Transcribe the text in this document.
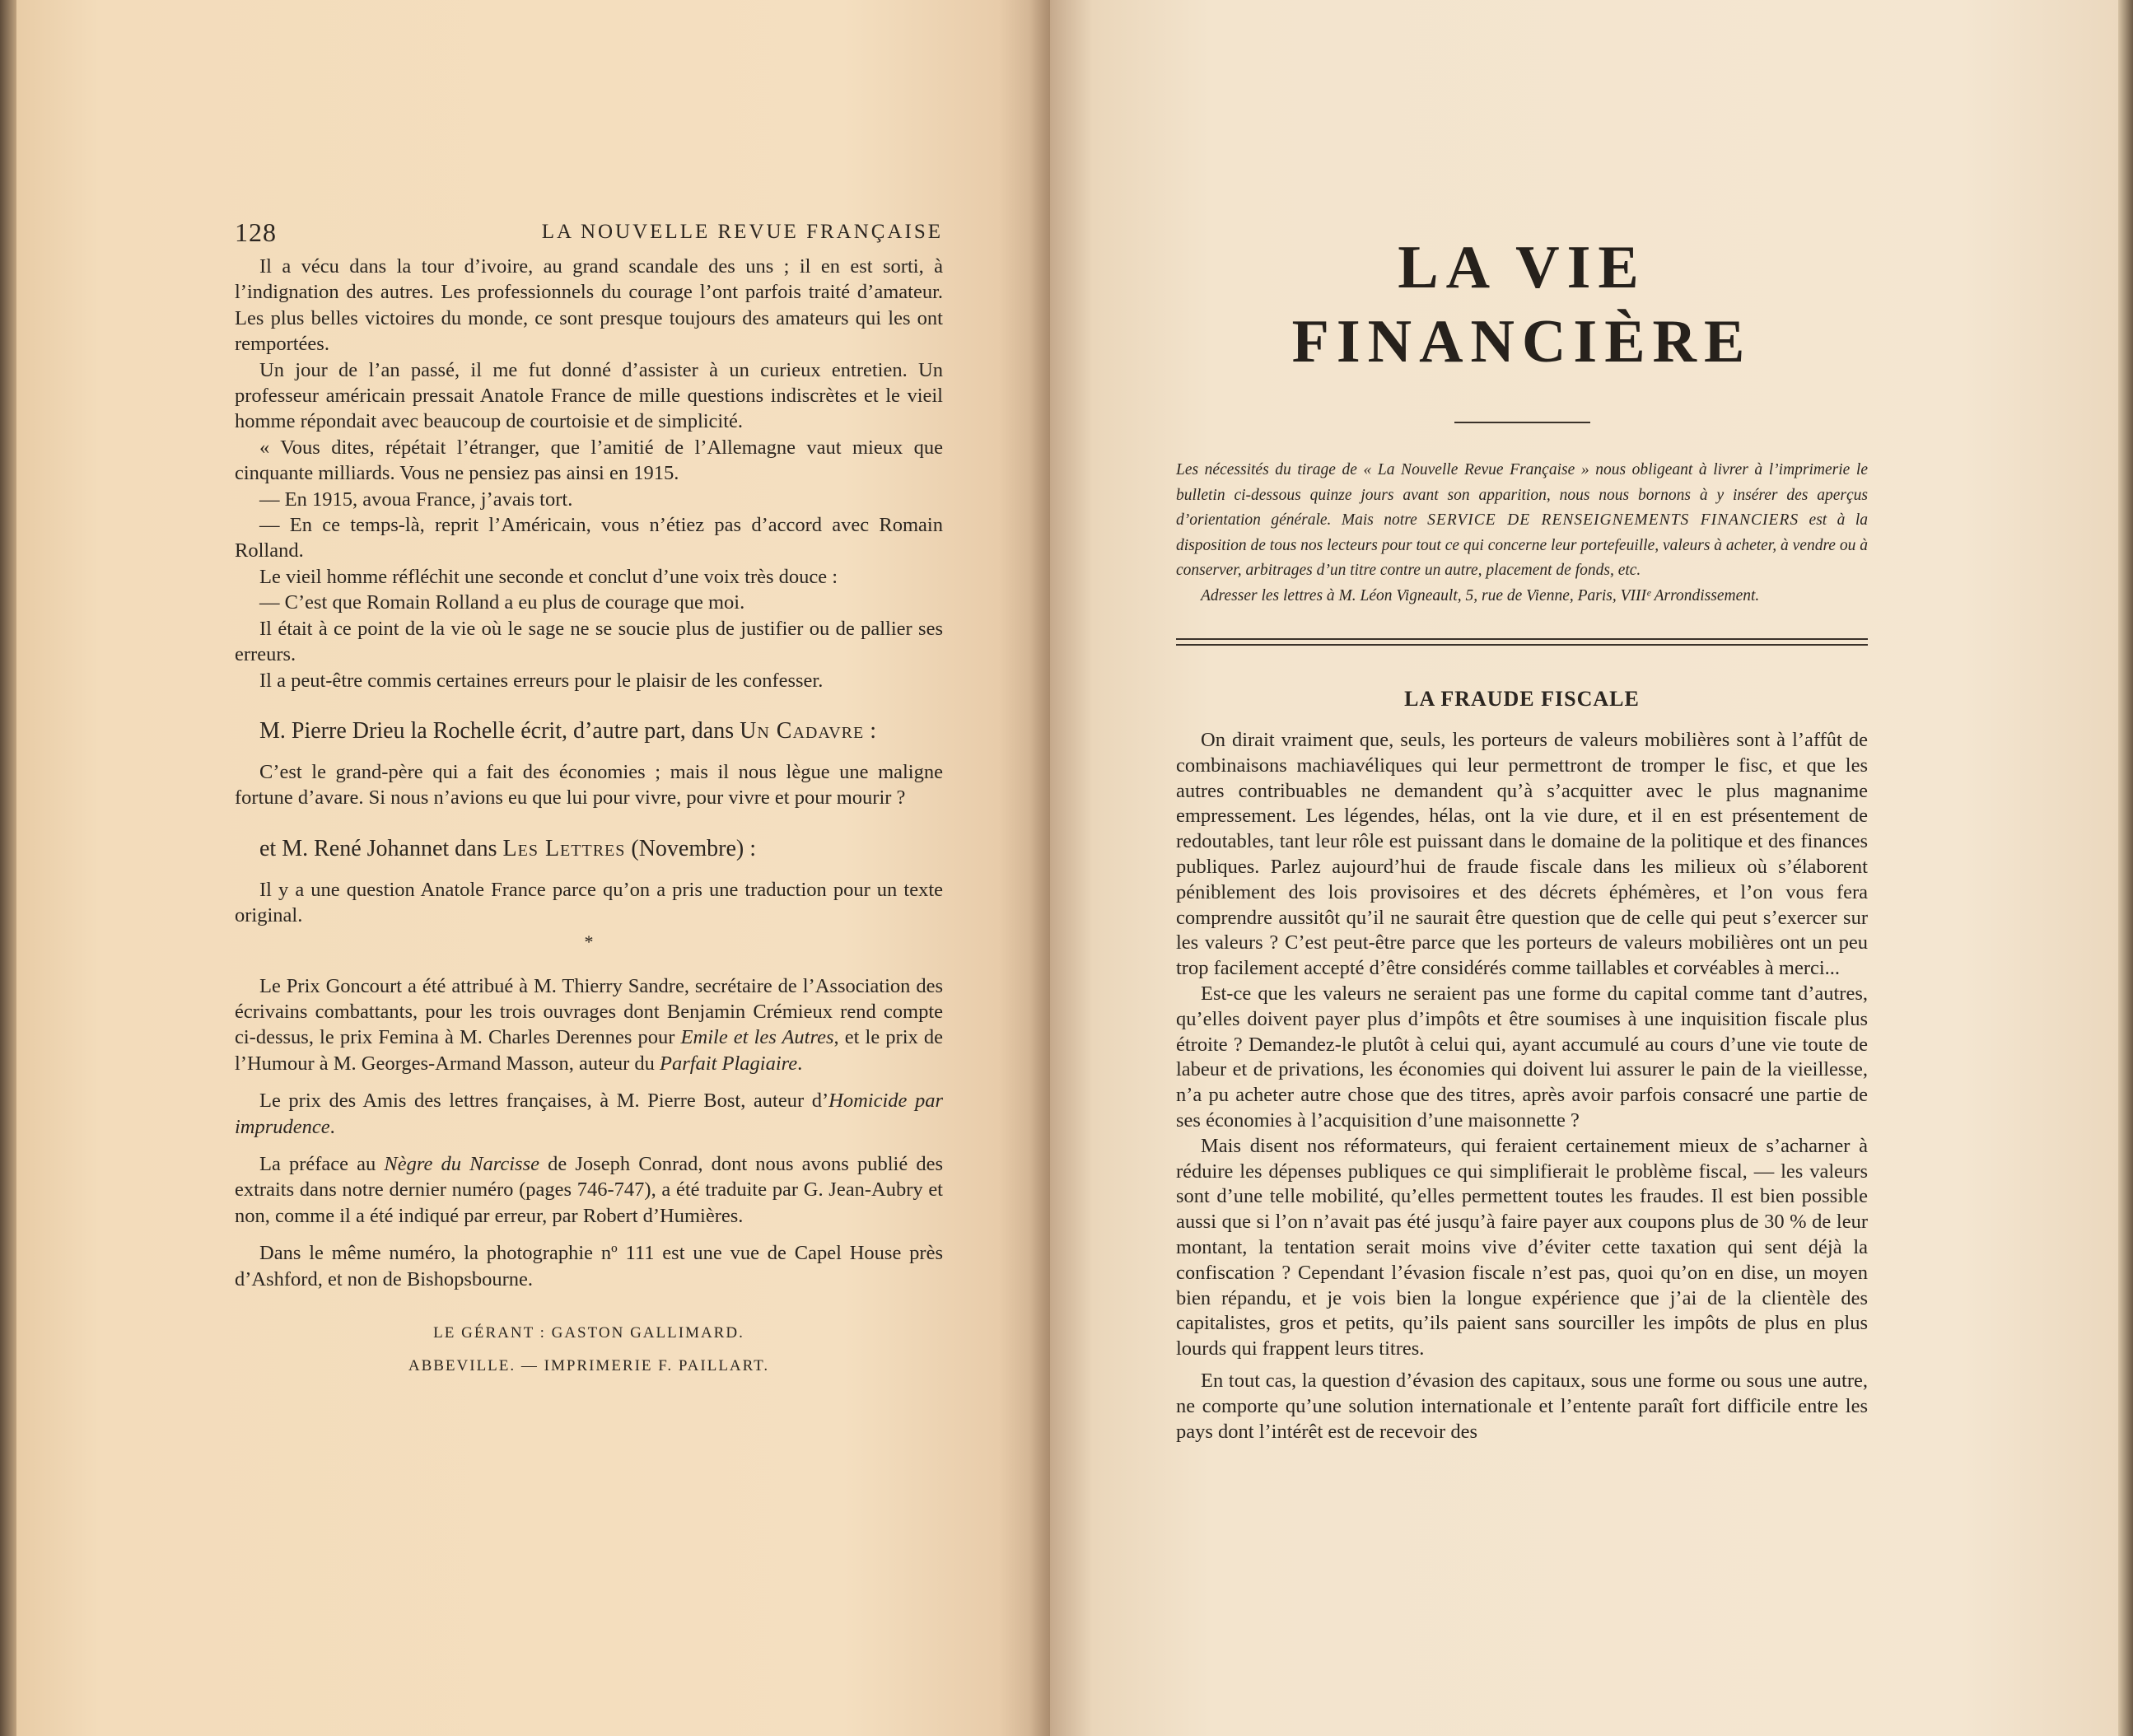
128	LA NOUVELLE REVUE FRANÇAISE

Il a vécu dans la tour d’ivoire, au grand scandale des uns ; il en est sorti, à l’indignation des autres. Les professionnels du courage l’ont parfois traité d’amateur. Les plus belles victoires du monde, ce sont presque toujours des amateurs qui les ont remportées.

Un jour de l’an passé, il me fut donné d’assister à un curieux entretien. Un professeur américain pressait Anatole France de mille questions indiscrètes et le vieil homme répondait avec beaucoup de courtoisie et de simplicité.

« Vous dites, répétait l’étranger, que l’amitié de l’Allemagne vaut mieux que cinquante milliards. Vous ne pensiez pas ainsi en 1915.

— En 1915, avoua France, j’avais tort.

— En ce temps-là, reprit l’Américain, vous n’étiez pas d’accord avec Romain Rolland.

Le vieil homme réfléchit une seconde et conclut d’une voix très douce :

— C’est que Romain Rolland a eu plus de courage que moi.

Il était à ce point de la vie où le sage ne se soucie plus de justifier ou de pallier ses erreurs.

Il a peut-être commis certaines erreurs pour le plaisir de les confesser.

M. Pierre Drieu la Rochelle écrit, d’autre part, dans Un Cadavre :

C’est le grand-père qui a fait des économies ; mais il nous lègue une maligne fortune d’avare. Si nous n’avions eu que lui pour vivre, pour vivre et pour mourir ?

et M. René Johannet dans Les Lettres (Novembre) :

Il y a une question Anatole France parce qu’on a pris une traduction pour un texte original.

*

Le Prix Goncourt a été attribué à M. Thierry Sandre, secrétaire de l’Association des écrivains combattants, pour les trois ouvrages dont Benjamin Crémieux rend compte ci-dessus, le prix Femina à M. Charles Derennes pour Emile et les Autres, et le prix de l’Humour à M. Georges-Armand Masson, auteur du Parfait Plagiaire.

Le prix des Amis des lettres françaises, à M. Pierre Bost, auteur d’Homicide par imprudence.

La préface au Nègre du Narcisse de Joseph Conrad, dont nous avons publié des extraits dans notre dernier numéro (pages 746-747), a été traduite par G. Jean-Aubry et non, comme il a été indiqué par erreur, par Robert d’Humières.

Dans le même numéro, la photographie nº 111 est une vue de Capel House près d’Ashford, et non de Bishopsbourne.

LE GÉRANT : GASTON GALLIMARD.
ABBEVILLE. — IMPRIMERIE F. PAILLART.
LA VIE FINANCIÈRE

Les nécessités du tirage de « La Nouvelle Revue Française » nous obligeant à livrer à l’imprimerie le bulletin ci-dessous quinze jours avant son apparition, nous nous bornons à y insérer des aperçus d’orientation générale. Mais notre SERVICE DE RENSEIGNEMENTS FINANCIERS est à la disposition de tous nos lecteurs pour tout ce qui concerne leur portefeuille, valeurs à acheter, à vendre ou à conserver, arbitrages d’un titre contre un autre, placement de fonds, etc.

Adresser les lettres à M. Léon Vigneault, 5, rue de Vienne, Paris, VIIIᵉ Arrondissement.

LA FRAUDE FISCALE

On dirait vraiment que, seuls, les porteurs de valeurs mobilières sont à l’affût de combinaisons machiavéliques qui leur permettront de tromper le fisc, et que les autres contribuables ne demandent qu’à s’acquitter avec le plus magnanime empressement. Les légendes, hélas, ont la vie dure, et il en est présentement de redoutables, tant leur rôle est puissant dans le domaine de la politique et des finances publiques. Parlez aujourd’hui de fraude fiscale dans les milieux où s’élaborent péniblement des lois provisoires et des décrets éphémères, et l’on vous fera comprendre aussitôt qu’il ne saurait être question que de celle qui peut s’exercer sur les valeurs ? C’est peut-être parce que les porteurs de valeurs mobilières ont un peu trop facilement accepté d’être considérés comme taillables et corvéables à merci...

Est-ce que les valeurs ne seraient pas une forme du capital comme tant d’autres, qu’elles doivent payer plus d’impôts et être soumises à une inquisition fiscale plus étroite ? Demandez-le plutôt à celui qui, ayant accumulé au cours d’une vie toute de labeur et de privations, les économies qui doivent lui assurer le pain de la vieillesse, n’a pu acheter autre chose que des titres, après avoir parfois consacré une partie de ses économies à l’acquisition d’une maisonnette ?

Mais disent nos réformateurs, qui feraient certainement mieux de s’acharner à réduire les dépenses publiques ce qui simplifierait le problème fiscal, — les valeurs sont d’une telle mobilité, qu’elles permettent toutes les fraudes. Il est bien possible aussi que si l’on n’avait pas été jusqu’à faire payer aux coupons plus de 30 % de leur montant, la tentation serait moins vive d’éviter cette taxation qui sent déjà la confiscation ? Cependant l’évasion fiscale n’est pas, quoi qu’on en dise, un moyen bien répandu, et je vois bien la longue expérience que j’ai de la clientèle des capitalistes, gros et petits, qu’ils paient sans sourciller les impôts de plus en plus lourds qui frappent leurs titres.

En tout cas, la question d’évasion des capitaux, sous une forme ou sous une autre, ne comporte qu’une solution internationale et l’entente paraît fort difficile entre les pays dont l’intérêt est de recevoir des
